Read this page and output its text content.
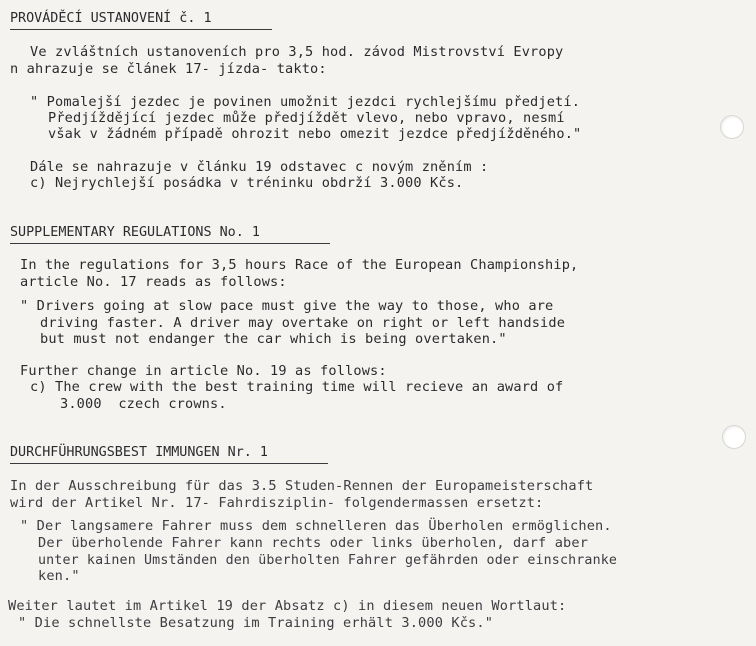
PROVÁDĚCÍ USTANOVENÍ č. 1
Ve zvláštních ustanoveních pro 3,5 hod. závod Mistrovství Evropy
n ahrazuje se článek 17- jízda- takto:
" Pomalejší jezdec je povinen umožnit jezdci rychlejšímu předjetí.
Předjíždějící jezdec může předjíždět vlevo, nebo vpravo, nesmí
však v žádném případě ohrozit nebo omezit jezdce předjížděného."
Dále se nahrazuje v článku 19 odstavec c novým zněním :
c) Nejrychlejší posádka v tréninku obdrží 3.000 Kčs.
SUPPLEMENTARY REGULATIONS No. 1
In the regulations for 3,5 hours Race of the European Championship,
article No. 17 reads as follows:
" Drivers going at slow pace must give the way to those, who are
driving faster. A driver may overtake on right or left handside
but must not endanger the car which is being overtaken."
Further change in article No. 19 as follows:
c) The crew with the best training time will recieve an award of
3.000  czech crowns.
DURCHFÜHRUNGSBEST IMMUNGEN Nr. 1
In der Ausschreibung für das 3.5 Studen-Rennen der Europameisterschaft
wird der Artikel Nr. 17- Fahrdisziplin- folgendermassen ersetzt:
" Der langsamere Fahrer muss dem schnelleren das Überholen ermöglichen.
Der überholende Fahrer kann rechts oder links überholen, darf aber
unter kainen Umständen den überholten Fahrer gefährden oder einschranke
ken."
Weiter lautet im Artikel 19 der Absatz c) in diesem neuen Wortlaut:
" Die schnellste Besatzung im Training erhält 3.000 Kčs."
